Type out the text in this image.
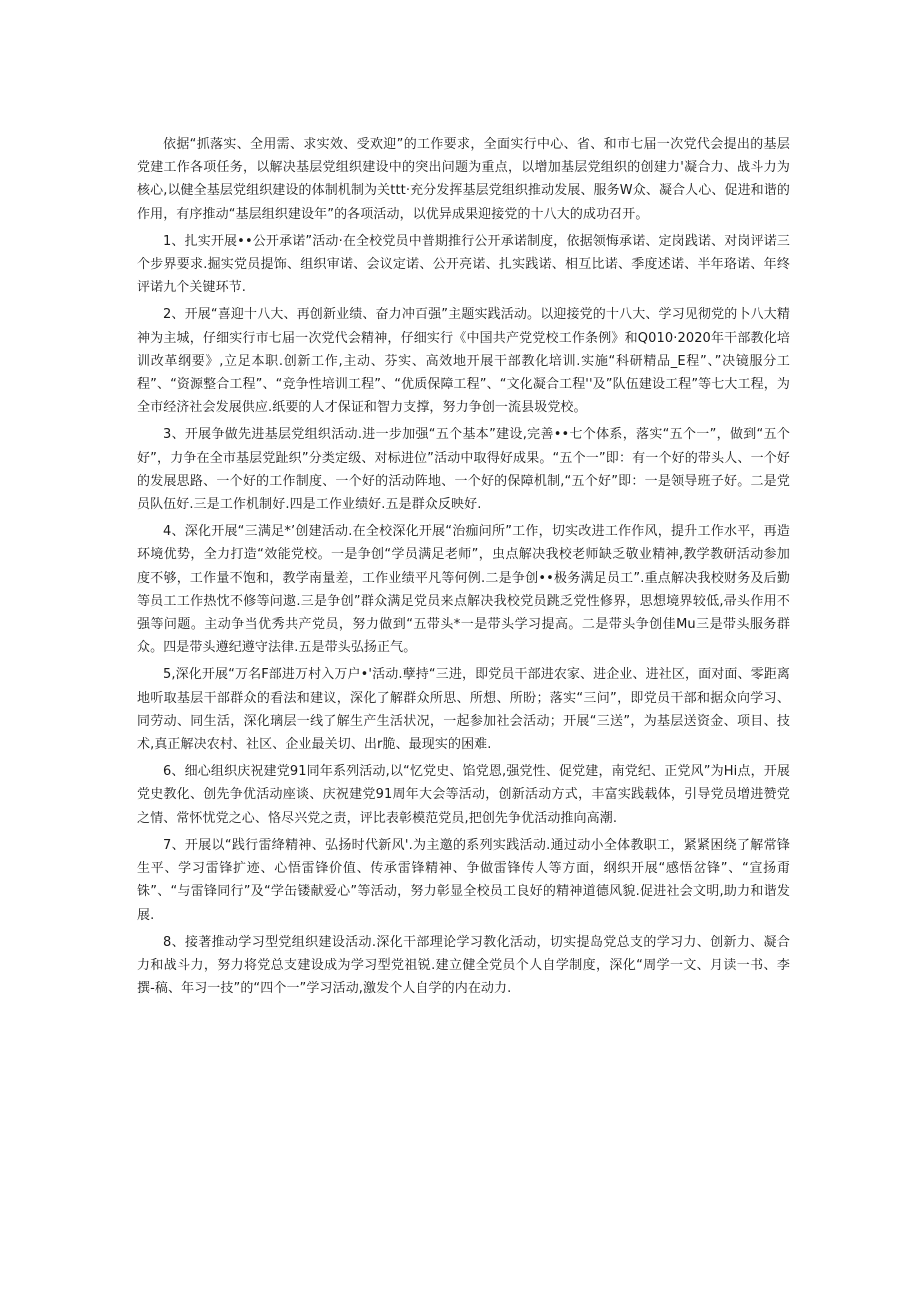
依据“抓落实、全用需、求实效、受欢迎”的工作要求，全面实行中心、省、和市七届一次党代会提出的基层党建工作各项任务，以解决基层党组织建设中的突出问题为重点，以增加基层党组织的创建力'凝合力、战斗力为核心,以健全基层党组织建设的体制机制为关ttt·充分发挥基层党组织推动发展、服务W众、凝合人心、促进和谐的作用，有序推动“基层组织建设年”的各项活动，以优异成果迎接党的十八大的成功召开。

1、扎实开展••公开承诺”活动·在全校党员中普期推行公开承诺制度，依据领悔承诺、定岗践诺、对岗评诺三个步界要求.掘实党员提饰、组织审诺、会议定诺、公开亮诺、扎实践诺、相互比诺、季度述诺、半年珞诺、年终评诺九个关键环节.

2、开展“喜迎十八大、再创新业绩、奋力冲百强”主题实践活动。以迎接党的十八大、学习见彻党的卜八大精神为主城，仔细实行市七届一次党代会精神，仔细实行《中国共产党党校工作条例》和Q010·2020年干部教化培训改革纲要》,立足本职.创新工作,主动、芬实、高效地开展干部教化培训.实施“科研精品_E程”、”决镜服分工程”、“资源整合工程”、“竞争性培训工程”、“优质保障工程”、“文化凝合工程''及”队伍建设工程”等七大工程，为全市经济社会发展供应.纸要的人才保证和智力支撑，努力争创一流县圾党校。

3、开展争做先进基层党组织活动.进一步加强“五个基本”建设,完善••七个体系，落实“五个一”，做到“五个好”，力争在全市基层党趾织”分类定级、对标进位”活动中取得好成果。“五个一”即：有一个好的带头人、一个好的发展思路、一个好的工作制度、一个好的活动阵地、一个好的保障机制,“五个好”即：一是领导班子好。二是党员队伍好.三是工作机制好.四是工作业绩好.五是群众反映好.

4、深化开展“三满足*’创建活动.在全校深化开展“治痂问所”工作，切实改进工作作风，提升工作水平，再造环境优势，全力打造“效能党校。一是争创“学员满足老师”，虫点解决我校老师缺乏敬业精神,教学教研活动参加度不够，工作量不饱和，教学南量差，工作业绩平凡等何例.二是争创••极务满足员工”.重点解决我校财务及后勤等员工工作热忱不修等问遨.三是争创”群众满足党员来点解决我校党员跳乏党性修界，思想境界较低,帚头作用不强等问题。主动争当优秀共产党员，努力做到“五带头*一是带头学习提高。二是带头争创佳Mu三是带头服务群众。四是带头遵纪遵守法律.五是带头弘扬正气。

5,深化开展“万名F部进万村入万户•'活动.孽持“三进，即党员干部进农家、进企业、进社区，面对面、零距离地听取基层干部群众的看法和建议，深化了解群众所思、所想、所盼；落实“三问”，即党员干部和据众向学习、同劳动、同生活，深化璃层一线了解生产生活状况，一起参加社会活动；开展“三送”，为基层送资金、项目、技术,真正解决农村、社区、企业最关切、出r脆、最现实的困难.

6、细心组织庆祝建党91同年系列活动,以“忆党史、馅党恩,强党性、促党建，南党纪、正党风”为Hi点，开展党史教化、创先争优活动座谈、庆祝建党91周年大会等活动，创新活动方式，丰富实践载体，引导党员增进赞党之情、常怀忧党之心、恪尽兴党之责，评比表彰模范党员,把创先争优活动推向高潮.

7、开展以“践行雷绛精神、弘扬时代新风'.为主邀的系列实践活动.通过动小全体教职工，紧紧困绕了解常锋生平、学习雷锋扩迹、心悟雷锋价值、传承雷锋精神、争做雷锋传人等方面，纲织开展“感悟岔锋”、“宣扬甭铢”、“与雷锋同行”及“学缶镂献爱心”等活动，努力彰显全校员工良好的精神道德风貌.促进社会文明,助力和谐发展.

8、接著推动学习型党组织建设活动.深化干部理论学习教化活动，切实提岛党总支的学习力、创新力、凝合力和战斗力，努力将党总支建设成为学习型党祖锐.建立健全党员个人自学制度，深化“周学一文、月读一书、李撰-稿、年习一技”的“四个一”学习活动,激发个人自学的内在动力.
